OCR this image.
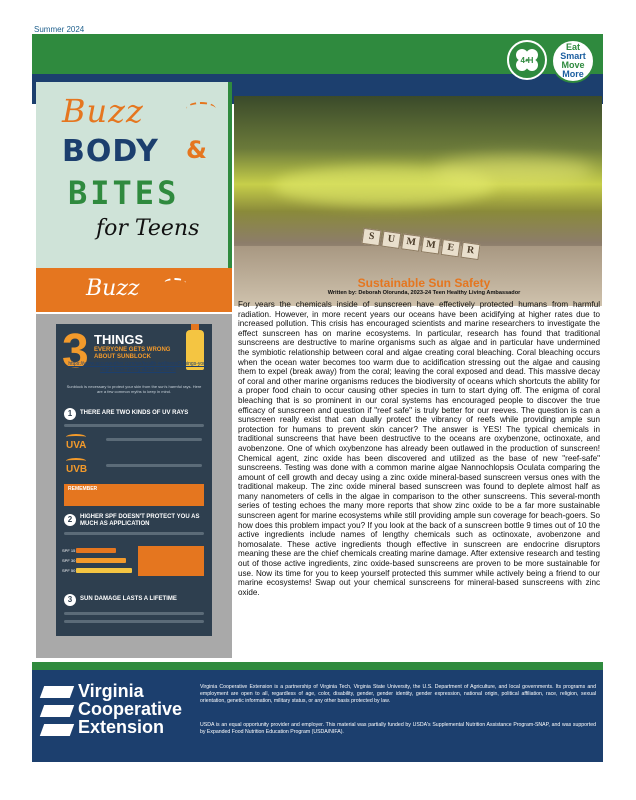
Summer 2024
4-H
Eat
Smart
Move
More
Buzz
BODY &
BITES
for Teens
Buzz
S	U	M M	E	R
3 THINGS
EVERYONE GETS WRONG ABOUT SUNBLOCK
Sunblock is necessary to protect your skin from the sun's harmful rays. Here are a few common myths to keep in mind.
1	THERE ARE TWO KINDS OF UV RAYS
UVA
UVB
REMEMBER
2	HIGHER SPF DOESN'T PROTECT YOU AS MUCH AS APPLICATION
SPF 15
SPF 30
SPF 50
3	SUN DAMAGE LASTS A LIFETIME
https://www.accuweather.com/en/health-wellness/3-things-you-might-have-wrong-about-sunblock
Sustainable Sun Safety
Written by: Deborah Olorunda, 2023-24 Teen Healthy Living Ambassador
For years the chemicals inside of sunscreen have effectively protected humans from harmful radiation. However, in more recent years our oceans have been acidifying at higher rates due to increased pollution. This crisis has encouraged scientists and marine researchers to investigate the effect sunscreen has on marine ecosystems. In particular, research has found that traditional sunscreens are destructive to marine organisms such as algae and in particular have undermined the symbiotic relationship between coral and algae creating coral bleaching. Coral bleaching occurs when the ocean water becomes too warm due to acidification stressing out the algae and causing them to expel (break away) from the coral; leaving the coral exposed and dead. This massive decay of coral and other marine organisms reduces the biodiversity of oceans which shortcuts the ability for a proper food chain to occur causing other species in turn to start dying off. The enigma of coral bleaching that is so prominent in our coral systems has encouraged people to discover the true efficacy of sunscreen and question if "reef safe" is truly better for our reeves. The question is can a sunscreen really exist that can dually protect the vibrancy of reefs while providing ample sun protection for humans to prevent skin cancer? The answer is YES! The typical chemicals in traditional sunscreens that have been destructive to the oceans are oxybenzone, octinoxate, and avobenzone. One of which oxybenzone has already been outlawed in the production of sunscreen! Chemical agent, zinc oxide has been discovered and utilized as the base of new "reef-safe" sunscreens. Testing was done with a common marine algae Nannochlopsis Oculata comparing the amount of cell growth and decay using a zinc oxide mineral-based sunscreen versus ones with the traditional makeup. The zinc oxide mineral based sunscreen was found to deplete almost half as many nanometers of cells in the algae in comparison to the other sunscreens. This several-month series of testing echoes the many more reports that show zinc oxide to be a far more sustainable sunscreen agent for marine ecosystems while still providing ample sun coverage for beach-goers. So how does this problem impact you? If you look at the back of a sunscreen bottle 9 times out of 10 the active ingredients include names of lengthy chemicals such as octinoxate, avobenzone and homosalate. These active ingredients though effective in sunscreen are endocrine disruptors meaning these are the chief chemicals creating marine damage. After extensive research and testing out of those active ingredients, zinc oxide-based sunscreens are proven to be more sustainable for use. Now its time for you to keep yourself protected this summer while actively being a friend to our marine ecosystems! Swap out your chemical sunscreens for mineral-based sunscreens with zinc oxide.
Virginia
Cooperative
Extension
Virginia Tech • Virginia State University
Virginia Cooperative Extension is a partnership of Virginia Tech, Virginia State University, the U.S. Department of Agriculture, and local governments. Its programs and employment are open to all, regardless of age, color, disability, gender, gender identity, gender expression, national origin, political affiliation, race, religion, sexual orientation, genetic information, military status, or any other basis protected by law.
USDA is an equal opportunity provider and employer. This material was partially funded by USDA's Supplemental Nutrition Assistance Program-SNAP, and was supported by Expanded Food Nutrition Education Program (USDA/NIFA).
